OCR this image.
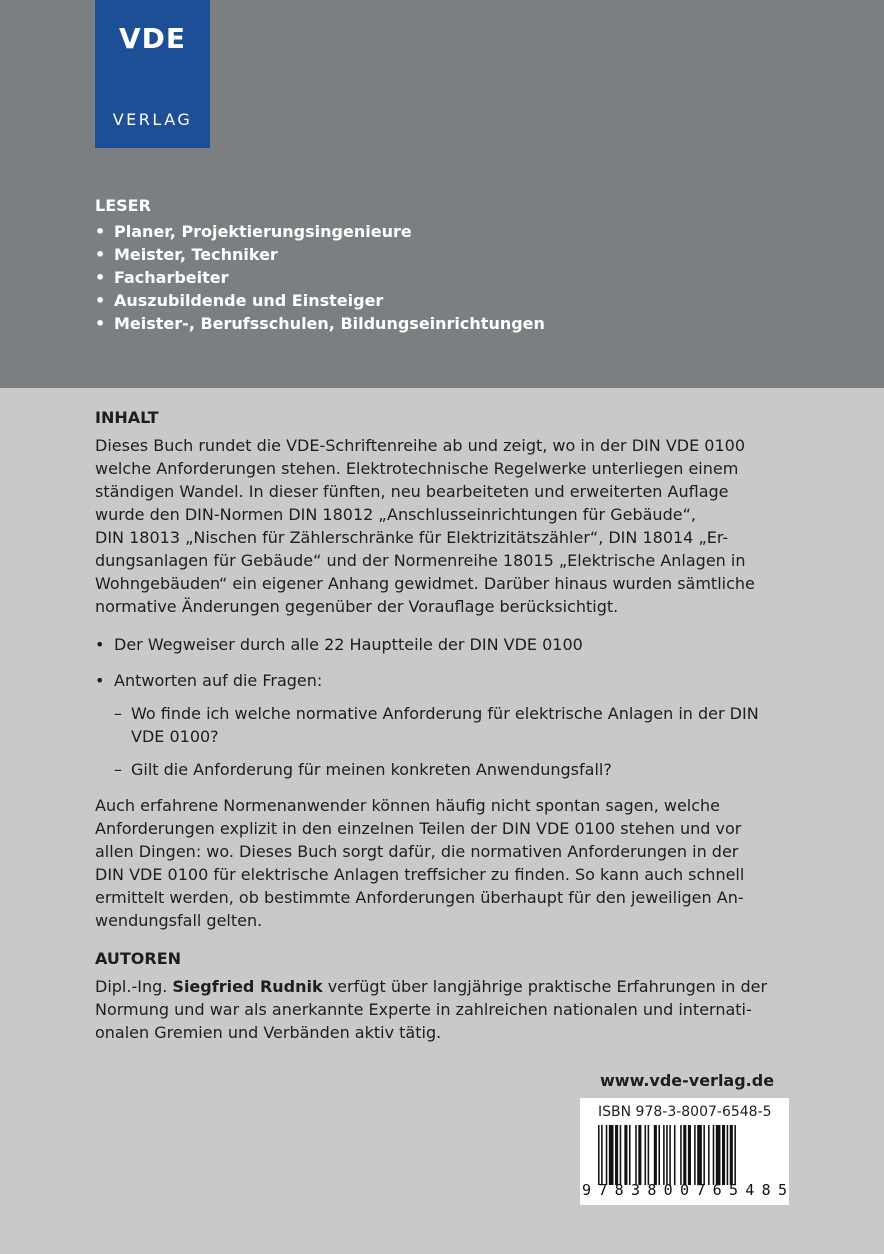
VDE
VERLAG
LESER
• Planer, Projektierungsingenieure
• Meister, Techniker
• Facharbeiter
• Auszubildende und Einsteiger
• Meister-, Berufsschulen, Bildungseinrichtungen
INHALT

Dieses Buch rundet die VDE-Schriftenreihe ab und zeigt, wo in der DIN VDE 0100
welche Anforderungen stehen. Elektrotechnische Regelwerke unterliegen einem
ständigen Wandel. In dieser fünften, neu bearbeiteten und erweiterten Auflage
wurde den DIN-Normen DIN 18012 „Anschlusseinrichtungen für Gebäude“,
DIN 18013 „Nischen für Zählerschränke für Elektrizitätszähler“, DIN 18014 „Er-
dungsanlagen für Gebäude“ und der Normenreihe 18015 „Elektrische Anlagen in
Wohngebäuden“ ein eigener Anhang gewidmet. Darüber hinaus wurden sämtliche
normative Änderungen gegenüber der Vorauflage berücksichtigt.

• Der Wegweiser durch alle 22 Hauptteile der DIN VDE 0100
• Antworten auf die Fragen:
– Wo finde ich welche normative Anforderung für elektrische Anlagen in der DIN
VDE 0100?
– Gilt die Anforderung für meinen konkreten Anwendungsfall?

Auch erfahrene Normenanwender können häufig nicht spontan sagen, welche
Anforderungen explizit in den einzelnen Teilen der DIN VDE 0100 stehen und vor
allen Dingen: wo. Dieses Buch sorgt dafür, die normativen Anforderungen in der
DIN VDE 0100 für elektrische Anlagen treffsicher zu finden. So kann auch schnell
ermittelt werden, ob bestimmte Anforderungen überhaupt für den jeweiligen An-
wendungsfall gelten.

AUTOREN

Dipl.-Ing. Siegfried Rudnik verfügt über langjährige praktische Erfahrungen in der
Normung und war als anerkannte Experte in zahlreichen nationalen und internati-
onalen Gremien und Verbänden aktiv tätig.

www.vde-verlag.de
ISBN 978-3-8007-6548-5
9 7 8 3 8 0 0 7 6 5 4 8 5
